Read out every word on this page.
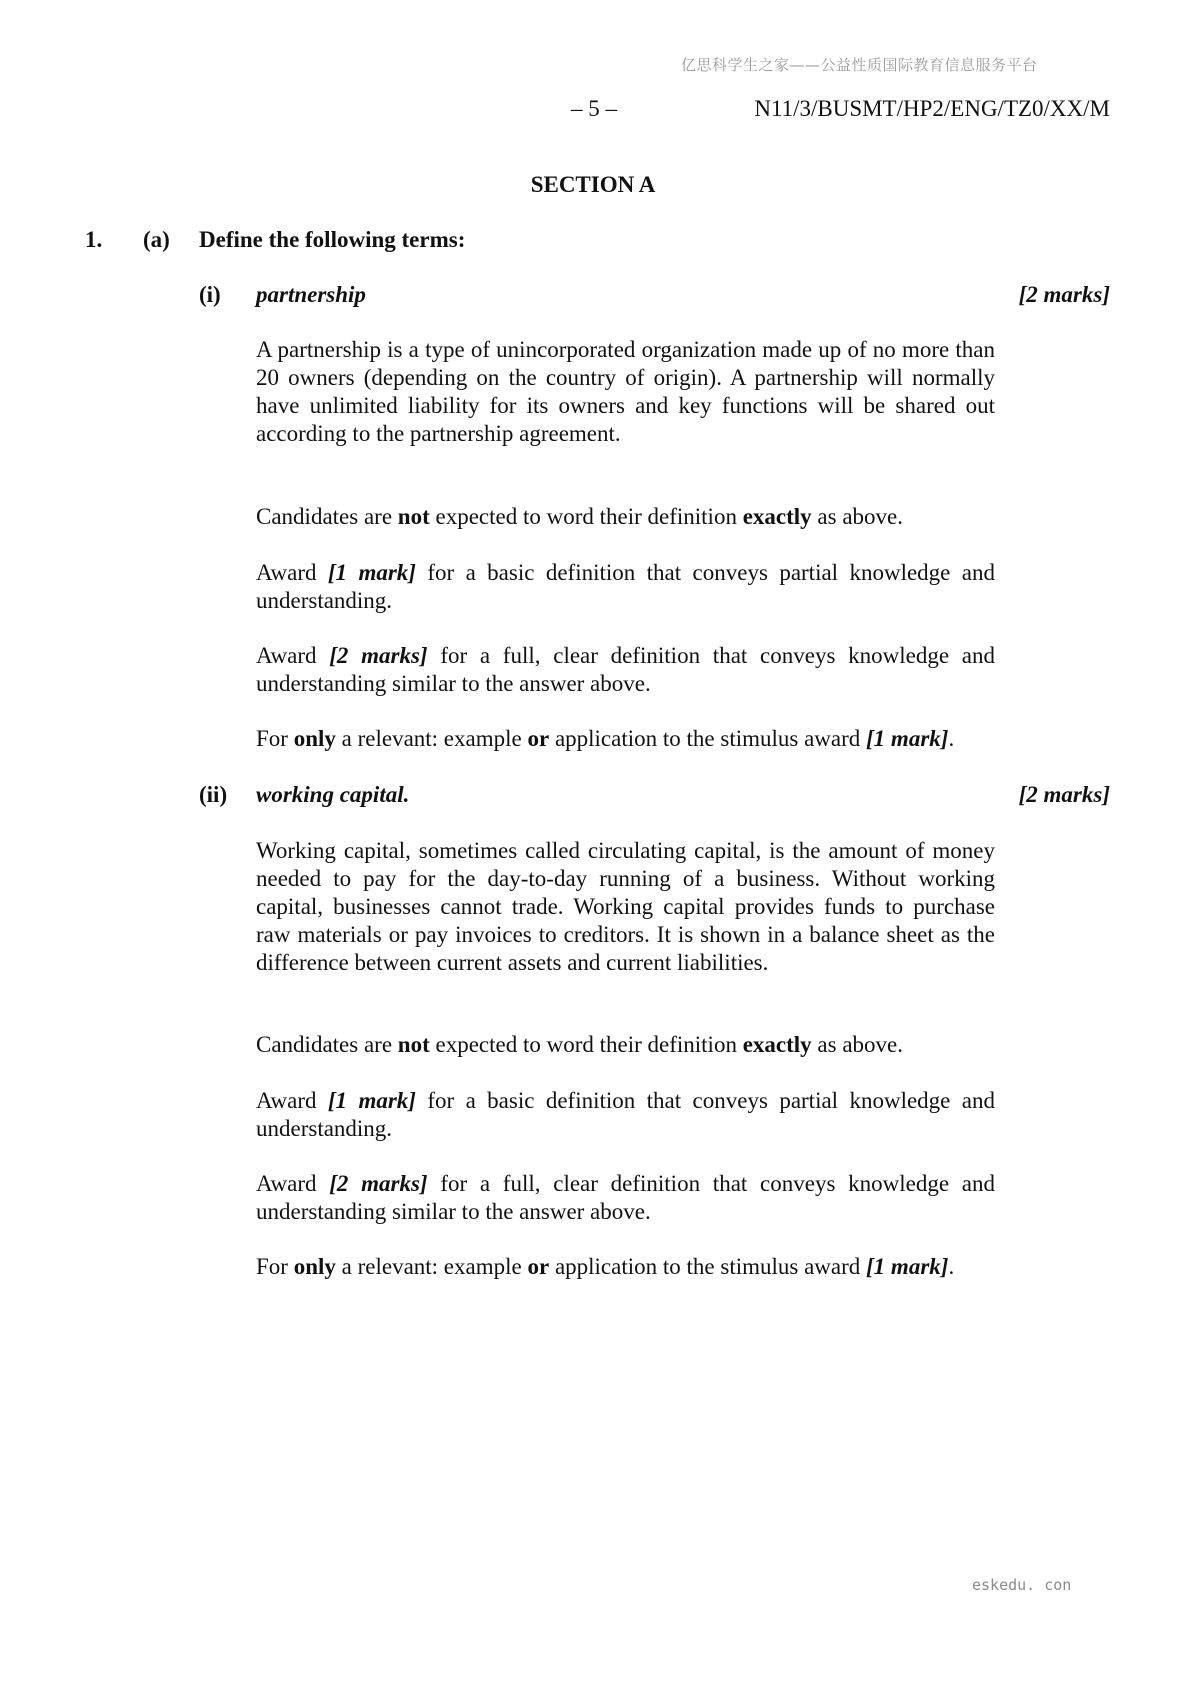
亿思科学生之家——公益性质国际教育信息服务平台
– 5 –	N11/3/BUSMT/HP2/ENG/TZ0/XX/M
SECTION A
1. (a) Define the following terms:
(i) partnership	[2 marks]

A partnership is a type of unincorporated organization made up of no more than 20 owners (depending on the country of origin). A partnership will normally have unlimited liability for its owners and key functions will be shared out according to the partnership agreement.

Candidates are not expected to word their definition exactly as above.

Award [1 mark] for a basic definition that conveys partial knowledge and understanding.

Award [2 marks] for a full, clear definition that conveys knowledge and understanding similar to the answer above.

For only a relevant: example or application to the stimulus award [1 mark].

(ii) working capital.	[2 marks]

Working capital, sometimes called circulating capital, is the amount of money needed to pay for the day-to-day running of a business. Without working capital, businesses cannot trade. Working capital provides funds to purchase raw materials or pay invoices to creditors. It is shown in a balance sheet as the difference between current assets and current liabilities.

Candidates are not expected to word their definition exactly as above.

Award [1 mark] for a basic definition that conveys partial knowledge and understanding.

Award [2 marks] for a full, clear definition that conveys knowledge and understanding similar to the answer above.

For only a relevant: example or application to the stimulus award [1 mark].

eskedu. con
